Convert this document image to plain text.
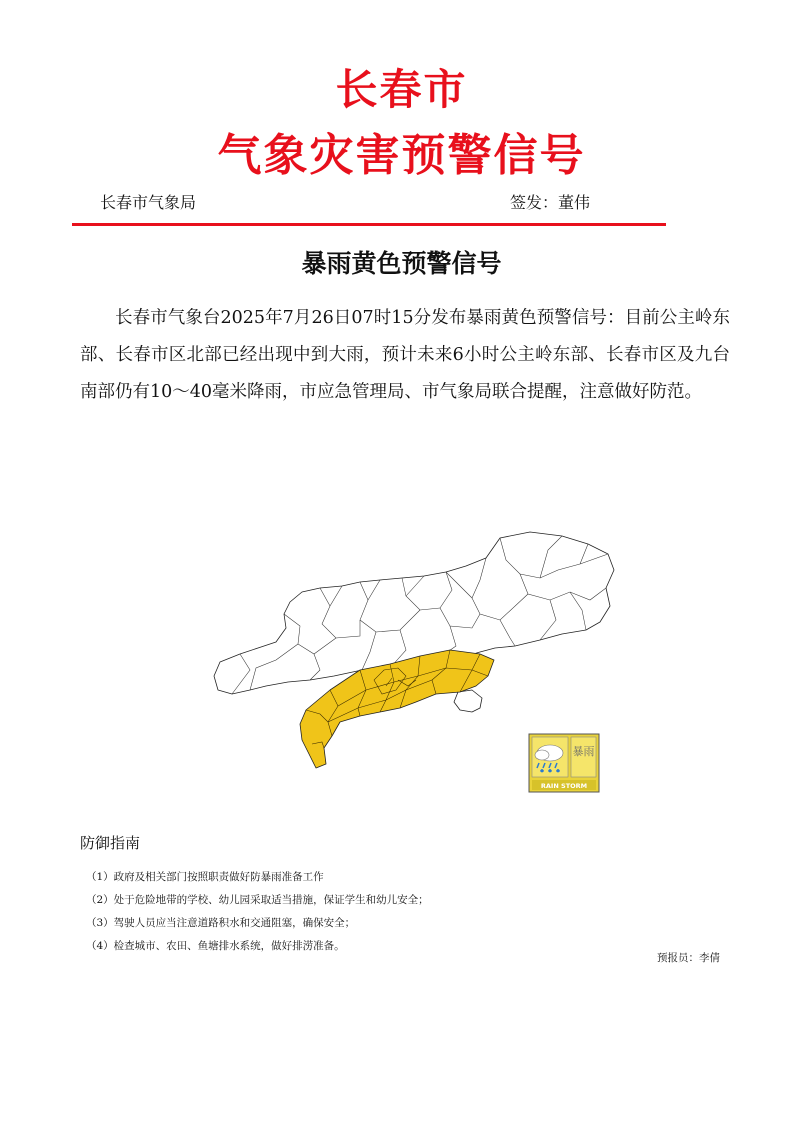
长春市
气象灾害预警信号
长春市气象局	签发：董伟
暴雨黄色预警信号

长春市气象台2025年7月26日07时15分发布暴雨黄色预警信号：目前公主岭东部、长春市区北部已经出现中到大雨，预计未来6小时公主岭东部、长春市区及九台南部仍有10～40毫米降雨，市应急管理局、市气象局联合提醒，注意做好防范。

暴雨
RAIN STORM
防御指南
（1）政府及相关部门按照职责做好防暴雨准备工作
（2）处于危险地带的学校、幼儿园采取适当措施，保证学生和幼儿安全；
（3）驾驶人员应当注意道路积水和交通阻塞，确保安全；
（4）检查城市、农田、鱼塘排水系统，做好排涝准备。
预报员：李倩
